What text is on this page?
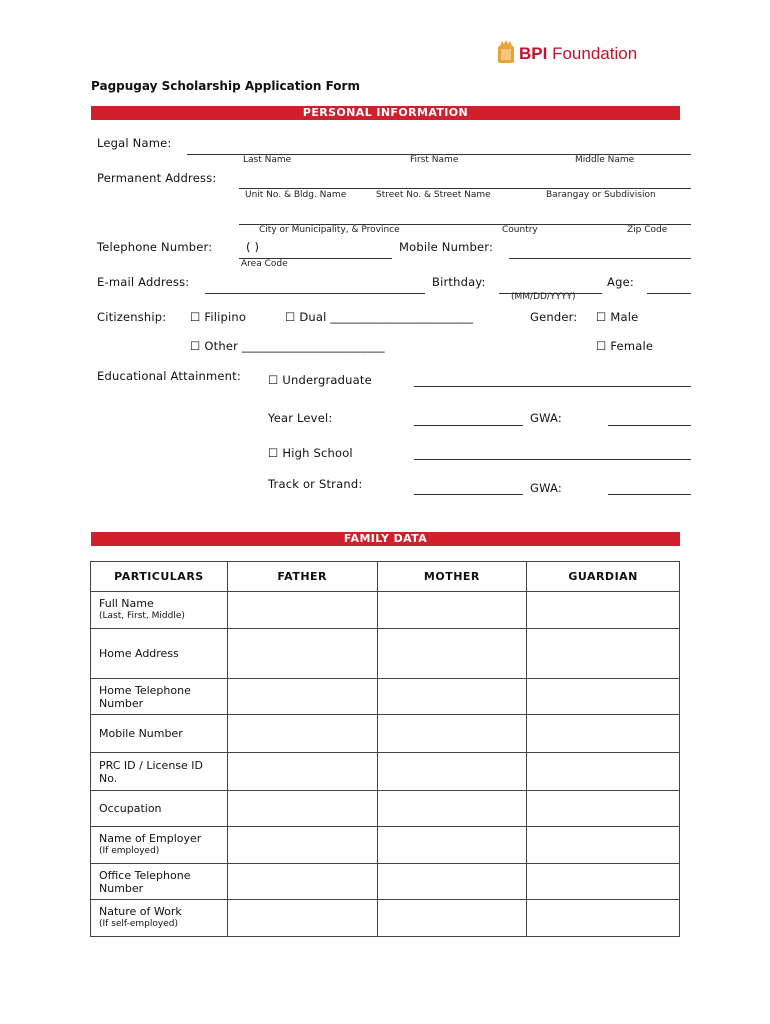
BPI Foundation
Pagpugay Scholarship Application Form
PERSONAL INFORMATION
Legal Name:
Last Name	First Name	Middle Name
Permanent Address:
Unit No. & Bldg. Name	Street No. & Street Name	Barangay or Subdivision
City or Municipality, & Province	Country	Zip Code
Telephone Number:	( )
Area Code
Mobile Number:
E-mail Address:	Birthday:
(MM/DD/YYYY)
Age:
Citizenship: ☐ Filipino	☐ Dual ________________________	Gender: ☐ Male
☐ Other ________________________	☐ Female
Educational Attainment: ☐ Undergraduate
Year Level:	GWA:
☐ High School
Track or Strand:	GWA:
FAMILY DATA
PARTICULARS	FATHER	MOTHER	GUARDIAN
Full Name
(Last, First, Middle)			

Home Address			
Home Telephone Number			
Mobile Number			
PRC ID / License ID No.			
Occupation			
Name of Employer
(If employed)			

Office Telephone Number			
Nature of Work
(If self-employed)			
